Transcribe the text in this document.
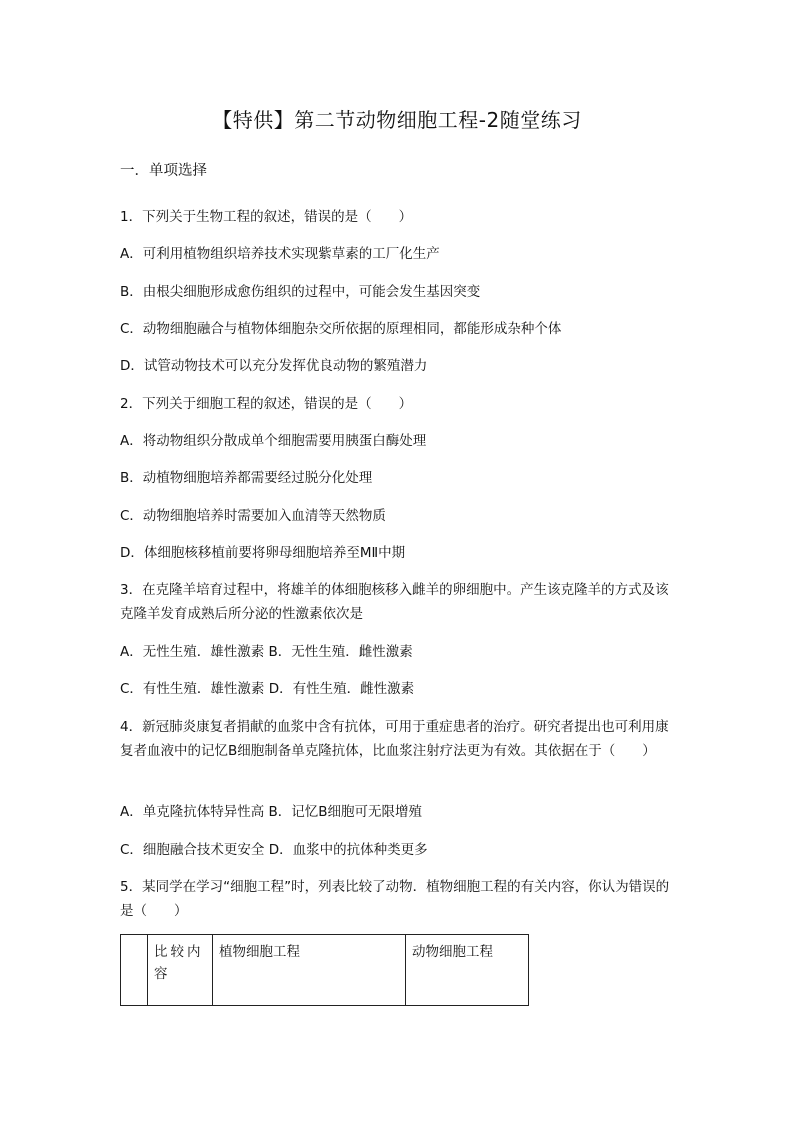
【特供】第二节动物细胞工程-2随堂练习
一．单项选择
1．下列关于生物工程的叙述，错误的是（　　）
A．可利用植物组织培养技术实现紫草素的工厂化生产
B．由根尖细胞形成愈伤组织的过程中，可能会发生基因突变
C．动物细胞融合与植物体细胞杂交所依据的原理相同，都能形成杂种个体
D．试管动物技术可以充分发挥优良动物的繁殖潜力
2．下列关于细胞工程的叙述，错误的是（　　）
A．将动物组织分散成单个细胞需要用胰蛋白酶处理
B．动植物细胞培养都需要经过脱分化处理
C．动物细胞培养时需要加入血清等天然物质
D．体细胞核移植前要将卵母细胞培养至MⅡ中期
3．在克隆羊培育过程中，将雄羊的体细胞核移入雌羊的卵细胞中。产生该克隆羊的方式及该克隆羊发育成熟后所分泌的性激素依次是
A．无性生殖．雄性激素 B．无性生殖．雌性激素
C．有性生殖．雄性激素 D．有性生殖．雌性激素
4．新冠肺炎康复者捐献的血浆中含有抗体，可用于重症患者的治疗。研究者提出也可利用康复者血液中的记忆B细胞制备单克隆抗体，比血浆注射疗法更为有效。其依据在于（　　）
A．单克隆抗体特异性高 B．记忆B细胞可无限增殖
C．细胞融合技术更安全 D．血浆中的抗体种类更多
5．某同学在学习“细胞工程”时，列表比较了动物．植物细胞工程的有关内容，你认为错误的是（　　）
	比较内容	植物细胞工程	动物细胞工程
